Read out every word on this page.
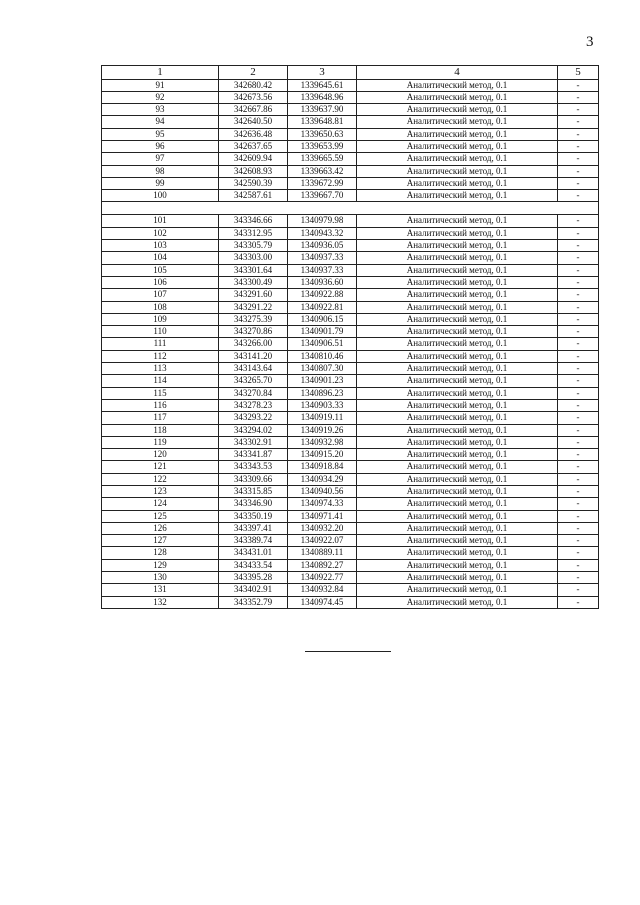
3
1	2	3	4	5
91	342680.42	1339645.61	Аналитический метод, 0.1	-
92	342673.56	1339648.96	Аналитический метод, 0.1	-
93	342667.86	1339637.90	Аналитический метод, 0.1	-
94	342640.50	1339648.81	Аналитический метод, 0.1	-
95	342636.48	1339650.63	Аналитический метод, 0.1	-
96	342637.65	1339653.99	Аналитический метод, 0.1	-
97	342609.94	1339665.59	Аналитический метод, 0.1	-
98	342608.93	1339663.42	Аналитический метод, 0.1	-
99	342590.39	1339672.99	Аналитический метод, 0.1	-
100	342587.61	1339667.70	Аналитический метод, 0.1	-

101	343346.66	1340979.98	Аналитический метод, 0.1	-
102	343312.95	1340943.32	Аналитический метод, 0.1	-
103	343305.79	1340936.05	Аналитический метод, 0.1	-
104	343303.00	1340937.33	Аналитический метод, 0.1	-
105	343301.64	1340937.33	Аналитический метод, 0.1	-
106	343300.49	1340936.60	Аналитический метод, 0.1	-
107	343291.60	1340922.88	Аналитический метод, 0.1	-
108	343291.22	1340922.81	Аналитический метод, 0.1	-
109	343275.39	1340906.15	Аналитический метод, 0.1	-
110	343270.86	1340901.79	Аналитический метод, 0.1	-
111	343266.00	1340906.51	Аналитический метод, 0.1	-
112	343141.20	1340810.46	Аналитический метод, 0.1	-
113	343143.64	1340807.30	Аналитический метод, 0.1	-
114	343265.70	1340901.23	Аналитический метод, 0.1	-
115	343270.84	1340896.23	Аналитический метод, 0.1	-
116	343278.23	1340903.33	Аналитический метод, 0.1	-
117	343293.22	1340919.11	Аналитический метод, 0.1	-
118	343294.02	1340919.26	Аналитический метод, 0.1	-
119	343302.91	1340932.98	Аналитический метод, 0.1	-
120	343341.87	1340915.20	Аналитический метод, 0.1	-
121	343343.53	1340918.84	Аналитический метод, 0.1	-
122	343309.66	1340934.29	Аналитический метод, 0.1	-
123	343315.85	1340940.56	Аналитический метод, 0.1	-
124	343346.90	1340974.33	Аналитический метод, 0.1	-
125	343350.19	1340971.41	Аналитический метод, 0.1	-
126	343397.41	1340932.20	Аналитический метод, 0.1	-
127	343389.74	1340922.07	Аналитический метод, 0.1	-
128	343431.01	1340889.11	Аналитический метод, 0.1	-
129	343433.54	1340892.27	Аналитический метод, 0.1	-
130	343395.28	1340922.77	Аналитический метод, 0.1	-
131	343402.91	1340932.84	Аналитический метод, 0.1	-
132	343352.79	1340974.45	Аналитический метод, 0.1	-
